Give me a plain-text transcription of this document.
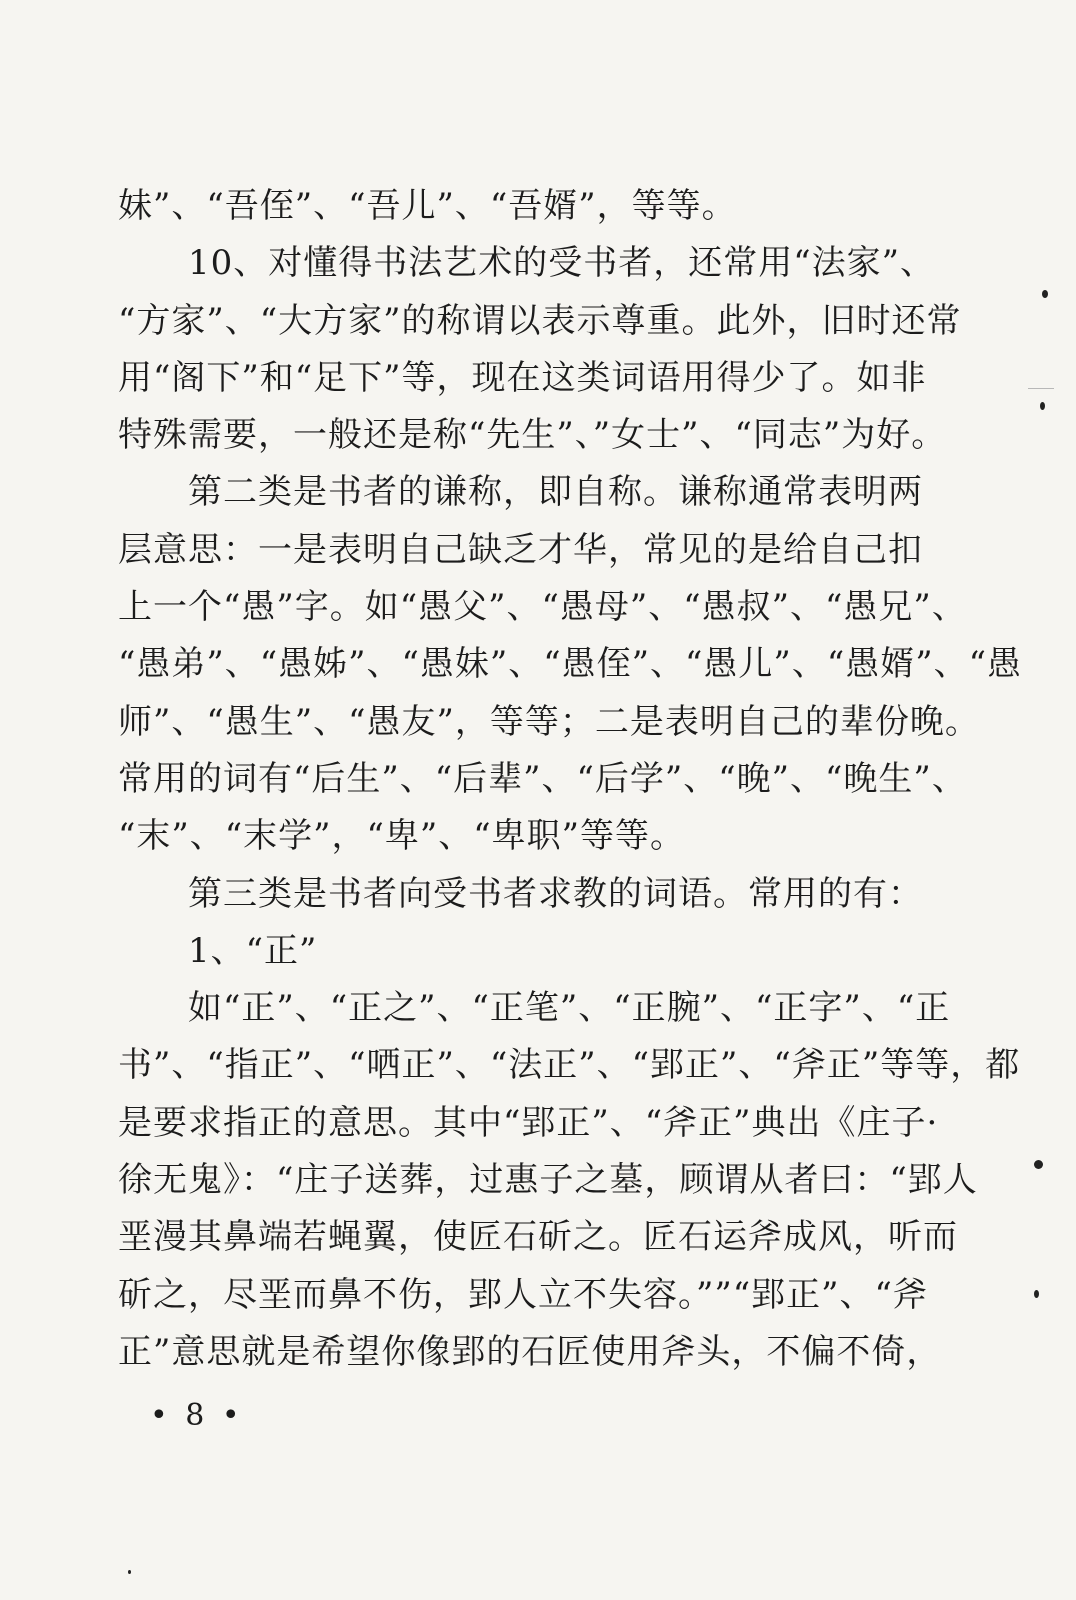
妹”、“吾侄”、“吾儿”、“吾婿”，等等。
10、对懂得书法艺术的受书者，还常用“法家”、
“方家”、“大方家”的称谓以表示尊重。此外，旧时还常
用“阁下”和“足下”等，现在这类词语用得少了。如非
特殊需要，一般还是称“先生”、”女士”、“同志”为好。
第二类是书者的谦称，即自称。谦称通常表明两
层意思：一是表明自己缺乏才华，常见的是给自己扣
上一个“愚”字。如“愚父”、“愚母”、“愚叔”、“愚兄”、
“愚弟”、“愚姊”、“愚妹”、“愚侄”、“愚儿”、“愚婿”、“愚
师”、“愚生”、“愚友”，等等；二是表明自己的辈份晚。
常用的词有“后生”、“后辈”、“后学”、“晚”、“晚生”、
“末”、“末学”，“卑”、“卑职”等等。
第三类是书者向受书者求教的词语。常用的有：
1、“正”
如“正”、“正之”、“正笔”、“正腕”、“正字”、“正
书”、“指正”、“哂正”、“法正”、“郢正”、“斧正”等等，都
是要求指正的意思。其中“郢正”、“斧正”典出《庄子·
徐无鬼》：“庄子送葬，过惠子之墓，顾谓从者曰：“郢人
垩漫其鼻端若蝇翼，使匠石斫之。匠石运斧成风，听而
斫之，尽垩而鼻不伤，郢人立不失容。””“郢正”、“斧
正”意思就是希望你像郢的石匠使用斧头，不偏不倚，
• 8 •
